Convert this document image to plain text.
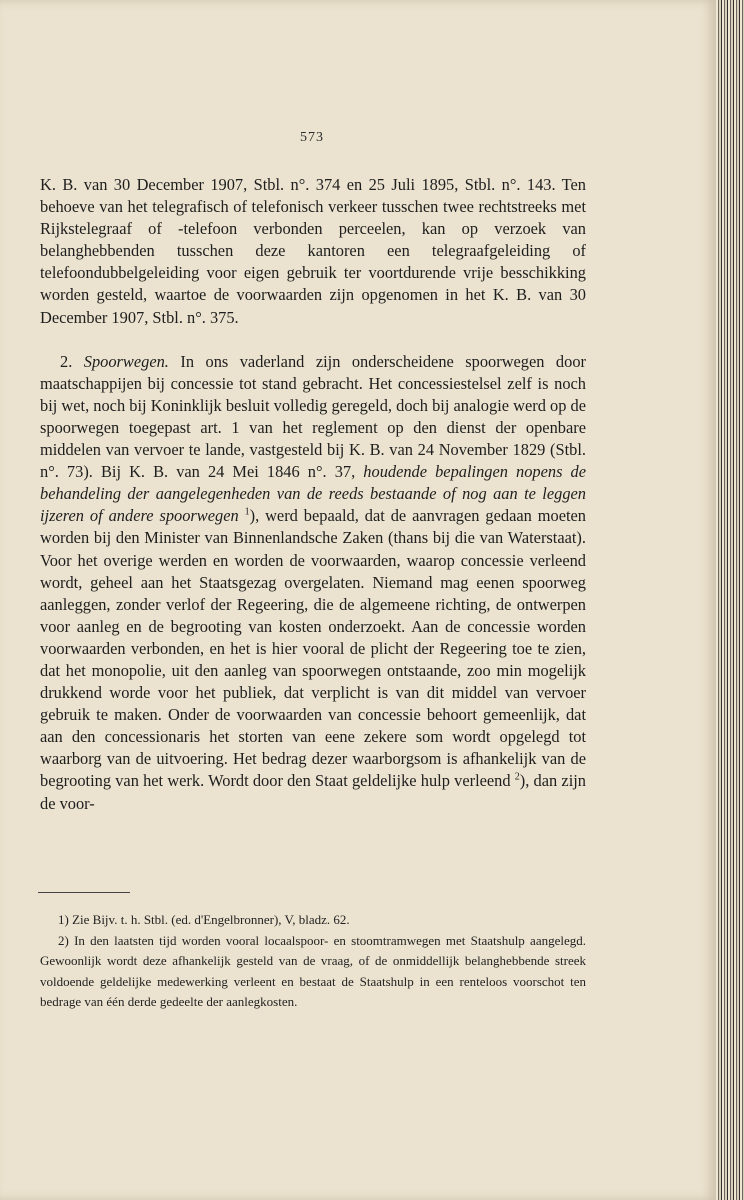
573

K. B. van 30 December 1907, Stbl. n°. 374 en 25 Juli 1895, Stbl. n°. 143. Ten behoeve van het telegrafisch of telefonisch verkeer tusschen twee rechtstreeks met Rijkstelegraaf of -telefoon verbonden perceelen, kan op verzoek van belanghebbenden tusschen deze kantoren een telegraafgeleiding of telefoondubbelgeleiding voor eigen gebruik ter voortdurende vrije besschikking worden gesteld, waartoe de voorwaarden zijn opgenomen in het K. B. van 30 December 1907, Stbl. n°. 375.

2. Spoorwegen. In ons vaderland zijn onderscheidene spoorwegen door maatschappijen bij concessie tot stand gebracht. Het concessiestelsel zelf is noch bij wet, noch bij Koninklijk besluit volledig geregeld, doch bij analogie werd op de spoorwegen toegepast art. 1 van het reglement op den dienst der openbare middelen van vervoer te lande, vastgesteld bij K. B. van 24 November 1829 (Stbl. n°. 73). Bij K. B. van 24 Mei 1846 n°. 37, houdende bepalingen nopens de behandeling der aangelegenheden van de reeds bestaande of nog aan te leggen ijzeren of andere spoorwegen $^1$), werd bepaald, dat de aanvragen gedaan moeten worden bij den Minister van Binnenlandsche Zaken (thans bij die van Waterstaat). Voor het overige werden en worden de voorwaarden, waarop concessie verleend wordt, geheel aan het Staatsgezag overgelaten. Niemand mag eenen spoorweg aanleggen, zonder verlof der Regeering, die de algemeene richting, de ontwerpen voor aanleg en de begrooting van kosten onderzoekt. Aan de concessie worden voorwaarden verbonden, en het is hier vooral de plicht der Regeering toe te zien, dat het monopolie, uit den aanleg van spoorwegen ontstaande, zoo min mogelijk drukkend worde voor het publiek, dat verplicht is van dit middel van vervoer gebruik te maken. Onder de voorwaarden van concessie behoort gemeenlijk, dat aan den concessionaris het storten van eene zekere som wordt opgelegd tot waarborg van de uitvoering. Het bedrag dezer waarborgsom is afhankelijk van de begrooting van het werk. Wordt door den Staat geldelijke hulp verleend $^2$), dan zijn de voor-

1) Zie Bijv. t. h. Stbl. (ed. d'Engelbronner), V, bladz. 62.

2) In den laatsten tijd worden vooral locaalspoor- en stoomtramwegen met Staatshulp aangelegd. Gewoonlijk wordt deze afhankelijk gesteld van de vraag, of de onmiddellijk belanghebbende streek voldoende geldelijke medewerking verleent en bestaat de Staatshulp in een renteloos voorschot ten bedrage van één derde gedeelte der aanlegkosten.
